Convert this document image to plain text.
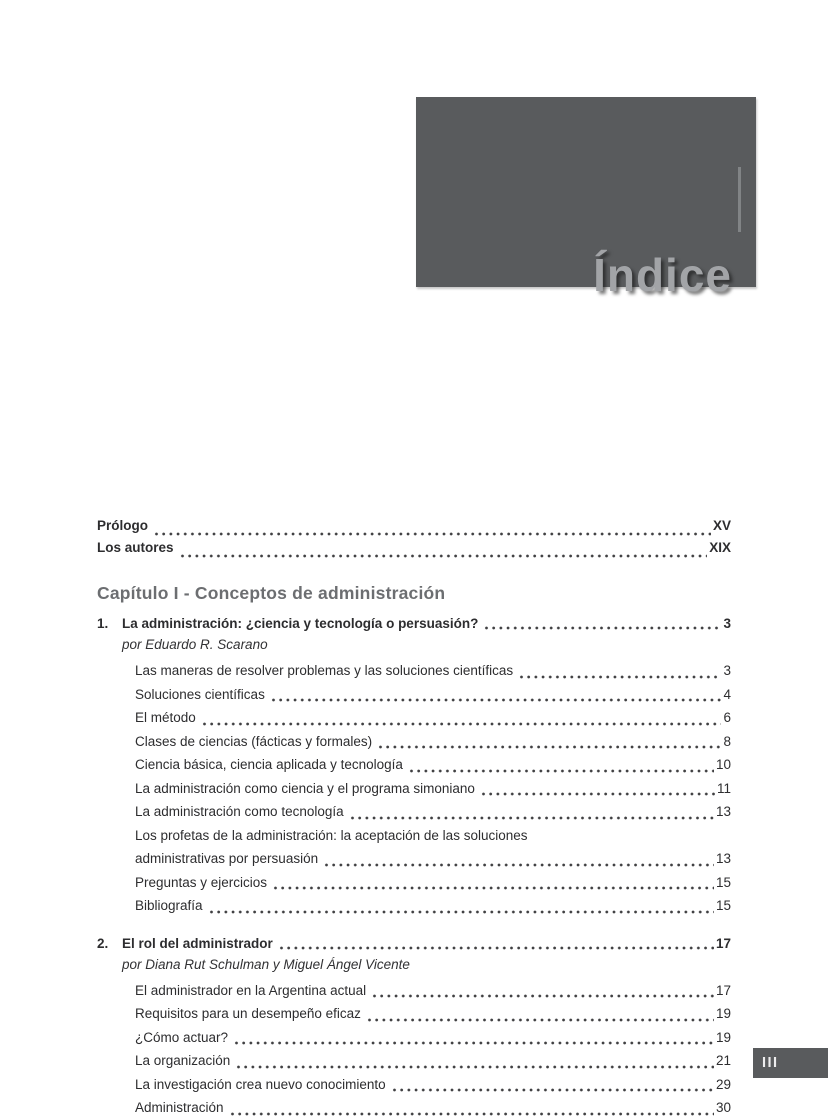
Índice
Prólogo	XV
Los autores	XIX
Capítulo I - Conceptos de administración
1.	La administración: ¿ciencia y tecnología o persuasión?	3
por Eduardo R. Scarano
Las maneras de resolver problemas y las soluciones científicas	3
Soluciones científicas	4
El método	6
Clases de ciencias (fácticas y formales)	8
Ciencia básica, ciencia aplicada y tecnología	10
La administración como ciencia y el programa simoniano	11
La administración como tecnología	13
Los profetas de la administración: la aceptación de las soluciones
administrativas por persuasión	13
Preguntas y ejercicios	15
Bibliografía	15
2.	El rol del administrador	17
por Diana Rut Schulman y Miguel Ángel Vicente
El administrador en la Argentina actual	17
Requisitos para un desempeño eficaz	19
¿Cómo actuar?	19
La organización	21
La investigación crea nuevo conocimiento	29
Administración	30
III
